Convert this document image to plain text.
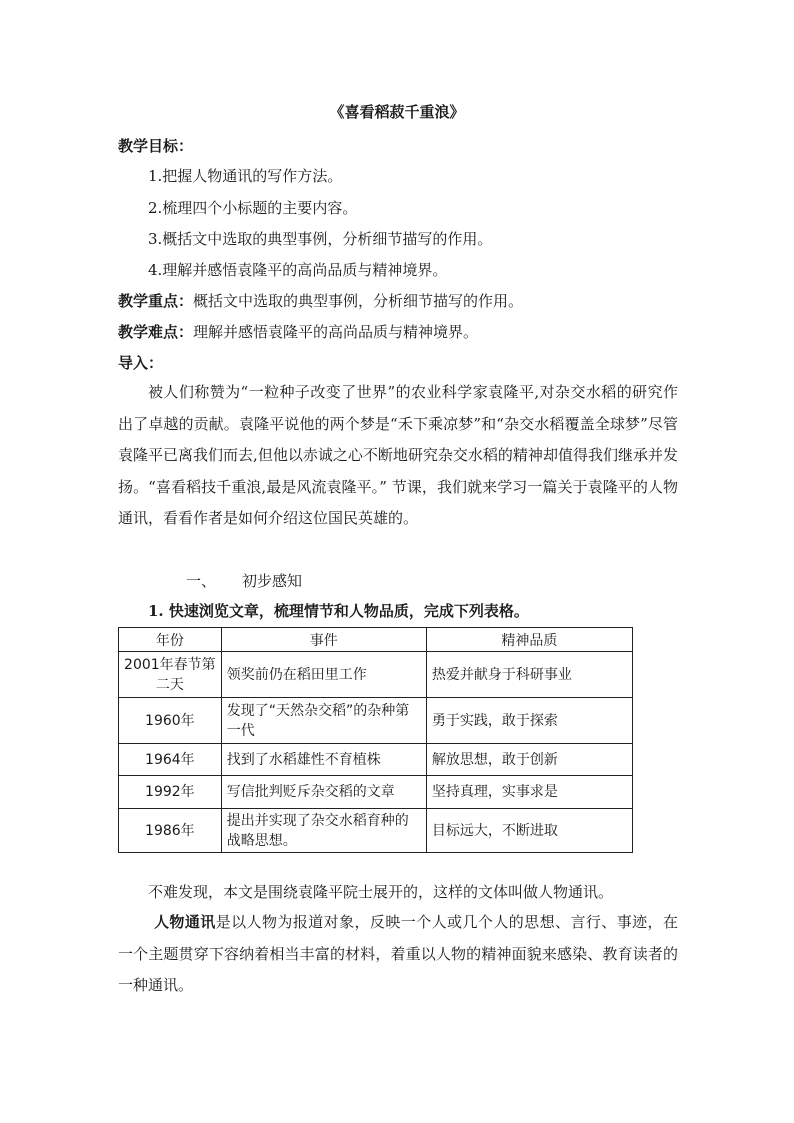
《喜看稻菽千重浪》
教学目标：
1.把握人物通讯的写作方法。
2.梳理四个小标题的主要内容。
3.概括文中选取的典型事例，分析细节描写的作用。
4.理解并感悟袁隆平的高尚品质与精神境界。
教学重点：概括文中选取的典型事例，分析细节描写的作用。
教学难点：理解并感悟袁隆平的高尚品质与精神境界。
导入：
被人们称赞为“一粒种子改变了世界”的农业科学家袁隆平,对杂交水稻的研究作出了卓越的贡献。袁隆平说他的两个梦是“禾下乘凉梦”和“杂交水稻覆盖全球梦”尽管袁隆平已离我们而去,但他以赤诚之心不断地研究杂交水稻的精神却值得我们继承并发扬。“喜看稻技千重浪,最是风流袁隆平。” 节课，我们就来学习一篇关于袁隆平的人物通讯，看看作者是如何介绍这位国民英雄的。
一、 初步感知
1. 快速浏览文章，梳理情节和人物品质，完成下列表格。
年份	事件	精神品质
2001年春节第二天	领奖前仍在稻田里工作	热爱并献身于科研事业
1960年	发现了“天然杂交稻”的杂种第一代	勇于实践，敢于探索
1964年	找到了水稻雄性不育植株	解放思想，敢于创新
1992年	写信批判贬斥杂交稻的文章	坚持真理，实事求是
1986年	提出并实现了杂交水稻育种的战略思想。	目标远大，不断进取
不难发现，本文是围绕袁隆平院士展开的，这样的文体叫做人物通讯。
人物通讯是以人物为报道对象，反映一个人或几个人的思想、言行、事迹，在一个主题贯穿下容纳着相当丰富的材料，着重以人物的精神面貌来感染、教育读者的一种通讯。
